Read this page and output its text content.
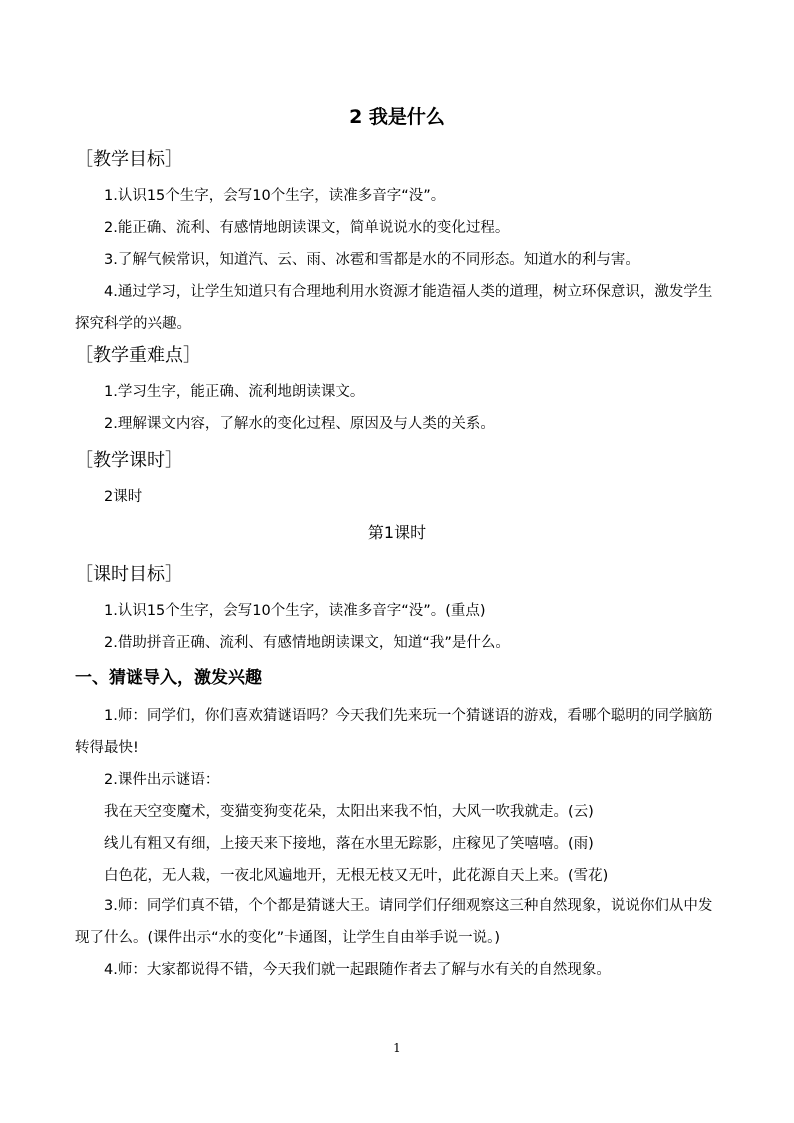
2 我是什么
［教学目标］
1.认识15个生字，会写10个生字，读准多音字“没”。
2.能正确、流利、有感情地朗读课文，简单说说水的变化过程。
3.了解气候常识，知道汽、云、雨、冰雹和雪都是水的不同形态。知道水的利与害。
4.通过学习，让学生知道只有合理地利用水资源才能造福人类的道理，树立环保意识，激发学生探究科学的兴趣。
［教学重难点］
1.学习生字，能正确、流利地朗读课文。
2.理解课文内容，了解水的变化过程、原因及与人类的关系。
［教学课时］
2课时
第1课时
［课时目标］
1.认识15个生字，会写10个生字，读准多音字“没”。(重点)
2.借助拼音正确、流利、有感情地朗读课文，知道“我”是什么。
一、猜谜导入，激发兴趣
1.师：同学们，你们喜欢猜谜语吗？今天我们先来玩一个猜谜语的游戏，看哪个聪明的同学脑筋转得最快!
2.课件出示谜语：
我在天空变魔术，变猫变狗变花朵，太阳出来我不怕，大风一吹我就走。(云)
线儿有粗又有细，上接天来下接地，落在水里无踪影，庄稼见了笑嘻嘻。(雨)
白色花，无人栽，一夜北风遍地开，无根无枝又无叶，此花源自天上来。(雪花)
3.师：同学们真不错，个个都是猜谜大王。请同学们仔细观察这三种自然现象，说说你们从中发现了什么。(课件出示“水的变化”卡通图，让学生自由举手说一说。)
4.师：大家都说得不错，今天我们就一起跟随作者去了解与水有关的自然现象。
1
